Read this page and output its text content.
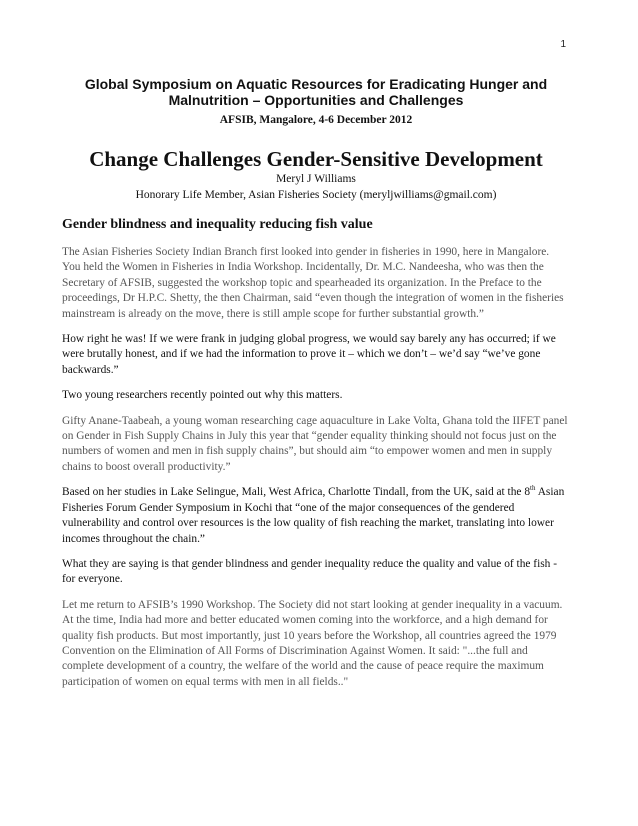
1
Global Symposium on Aquatic Resources for Eradicating Hunger and
Malnutrition – Opportunities and Challenges
AFSIB, Mangalore, 4-6 December 2012
Change Challenges Gender-Sensitive Development
Meryl J Williams
Honorary Life Member, Asian Fisheries Society (meryljwilliams@gmail.com)
Gender blindness and inequality reducing fish value

The Asian Fisheries Society Indian Branch first looked into gender in fisheries in 1990, here in Mangalore. You held the Women in Fisheries in India Workshop. Incidentally, Dr. M.C. Nandeesha, who was then the Secretary of AFSIB, suggested the workshop topic and spearheaded its organization. In the Preface to the proceedings, Dr H.P.C. Shetty, the then Chairman, said “even though the integration of women in the fisheries mainstream is already on the move, there is still ample scope for further substantial growth.”

How right he was! If we were frank in judging global progress, we would say barely any has occurred; if we were brutally honest, and if we had the information to prove it – which we don’t – we’d say “we’ve gone backwards.”

Two young researchers recently pointed out why this matters.

Gifty Anane-Taabeah, a young woman researching cage aquaculture in Lake Volta, Ghana told the IIFET panel on Gender in Fish Supply Chains in July this year that “gender equality thinking should not focus just on the numbers of women and men in fish supply chains”, but should aim “to empower women and men in supply chains to boost overall productivity.”

Based on her studies in Lake Selingue, Mali, West Africa, Charlotte Tindall, from the UK, said at the 8th Asian Fisheries Forum Gender Symposium in Kochi that “one of the major consequences of the gendered vulnerability and control over resources is the low quality of fish reaching the market, translating into lower incomes throughout the chain.”

What they are saying is that gender blindness and gender inequality reduce the quality and value of the fish - for everyone.

Let me return to AFSIB’s 1990 Workshop. The Society did not start looking at gender inequality in a vacuum. At the time, India had more and better educated women coming into the workforce, and a high demand for quality fish products. But most importantly, just 10 years before the Workshop, all countries agreed the 1979 Convention on the Elimination of All Forms of Discrimination Against Women. It said: "...the full and complete development of a country, the welfare of the world and the cause of peace require the maximum participation of women on equal terms with men in all fields.."
